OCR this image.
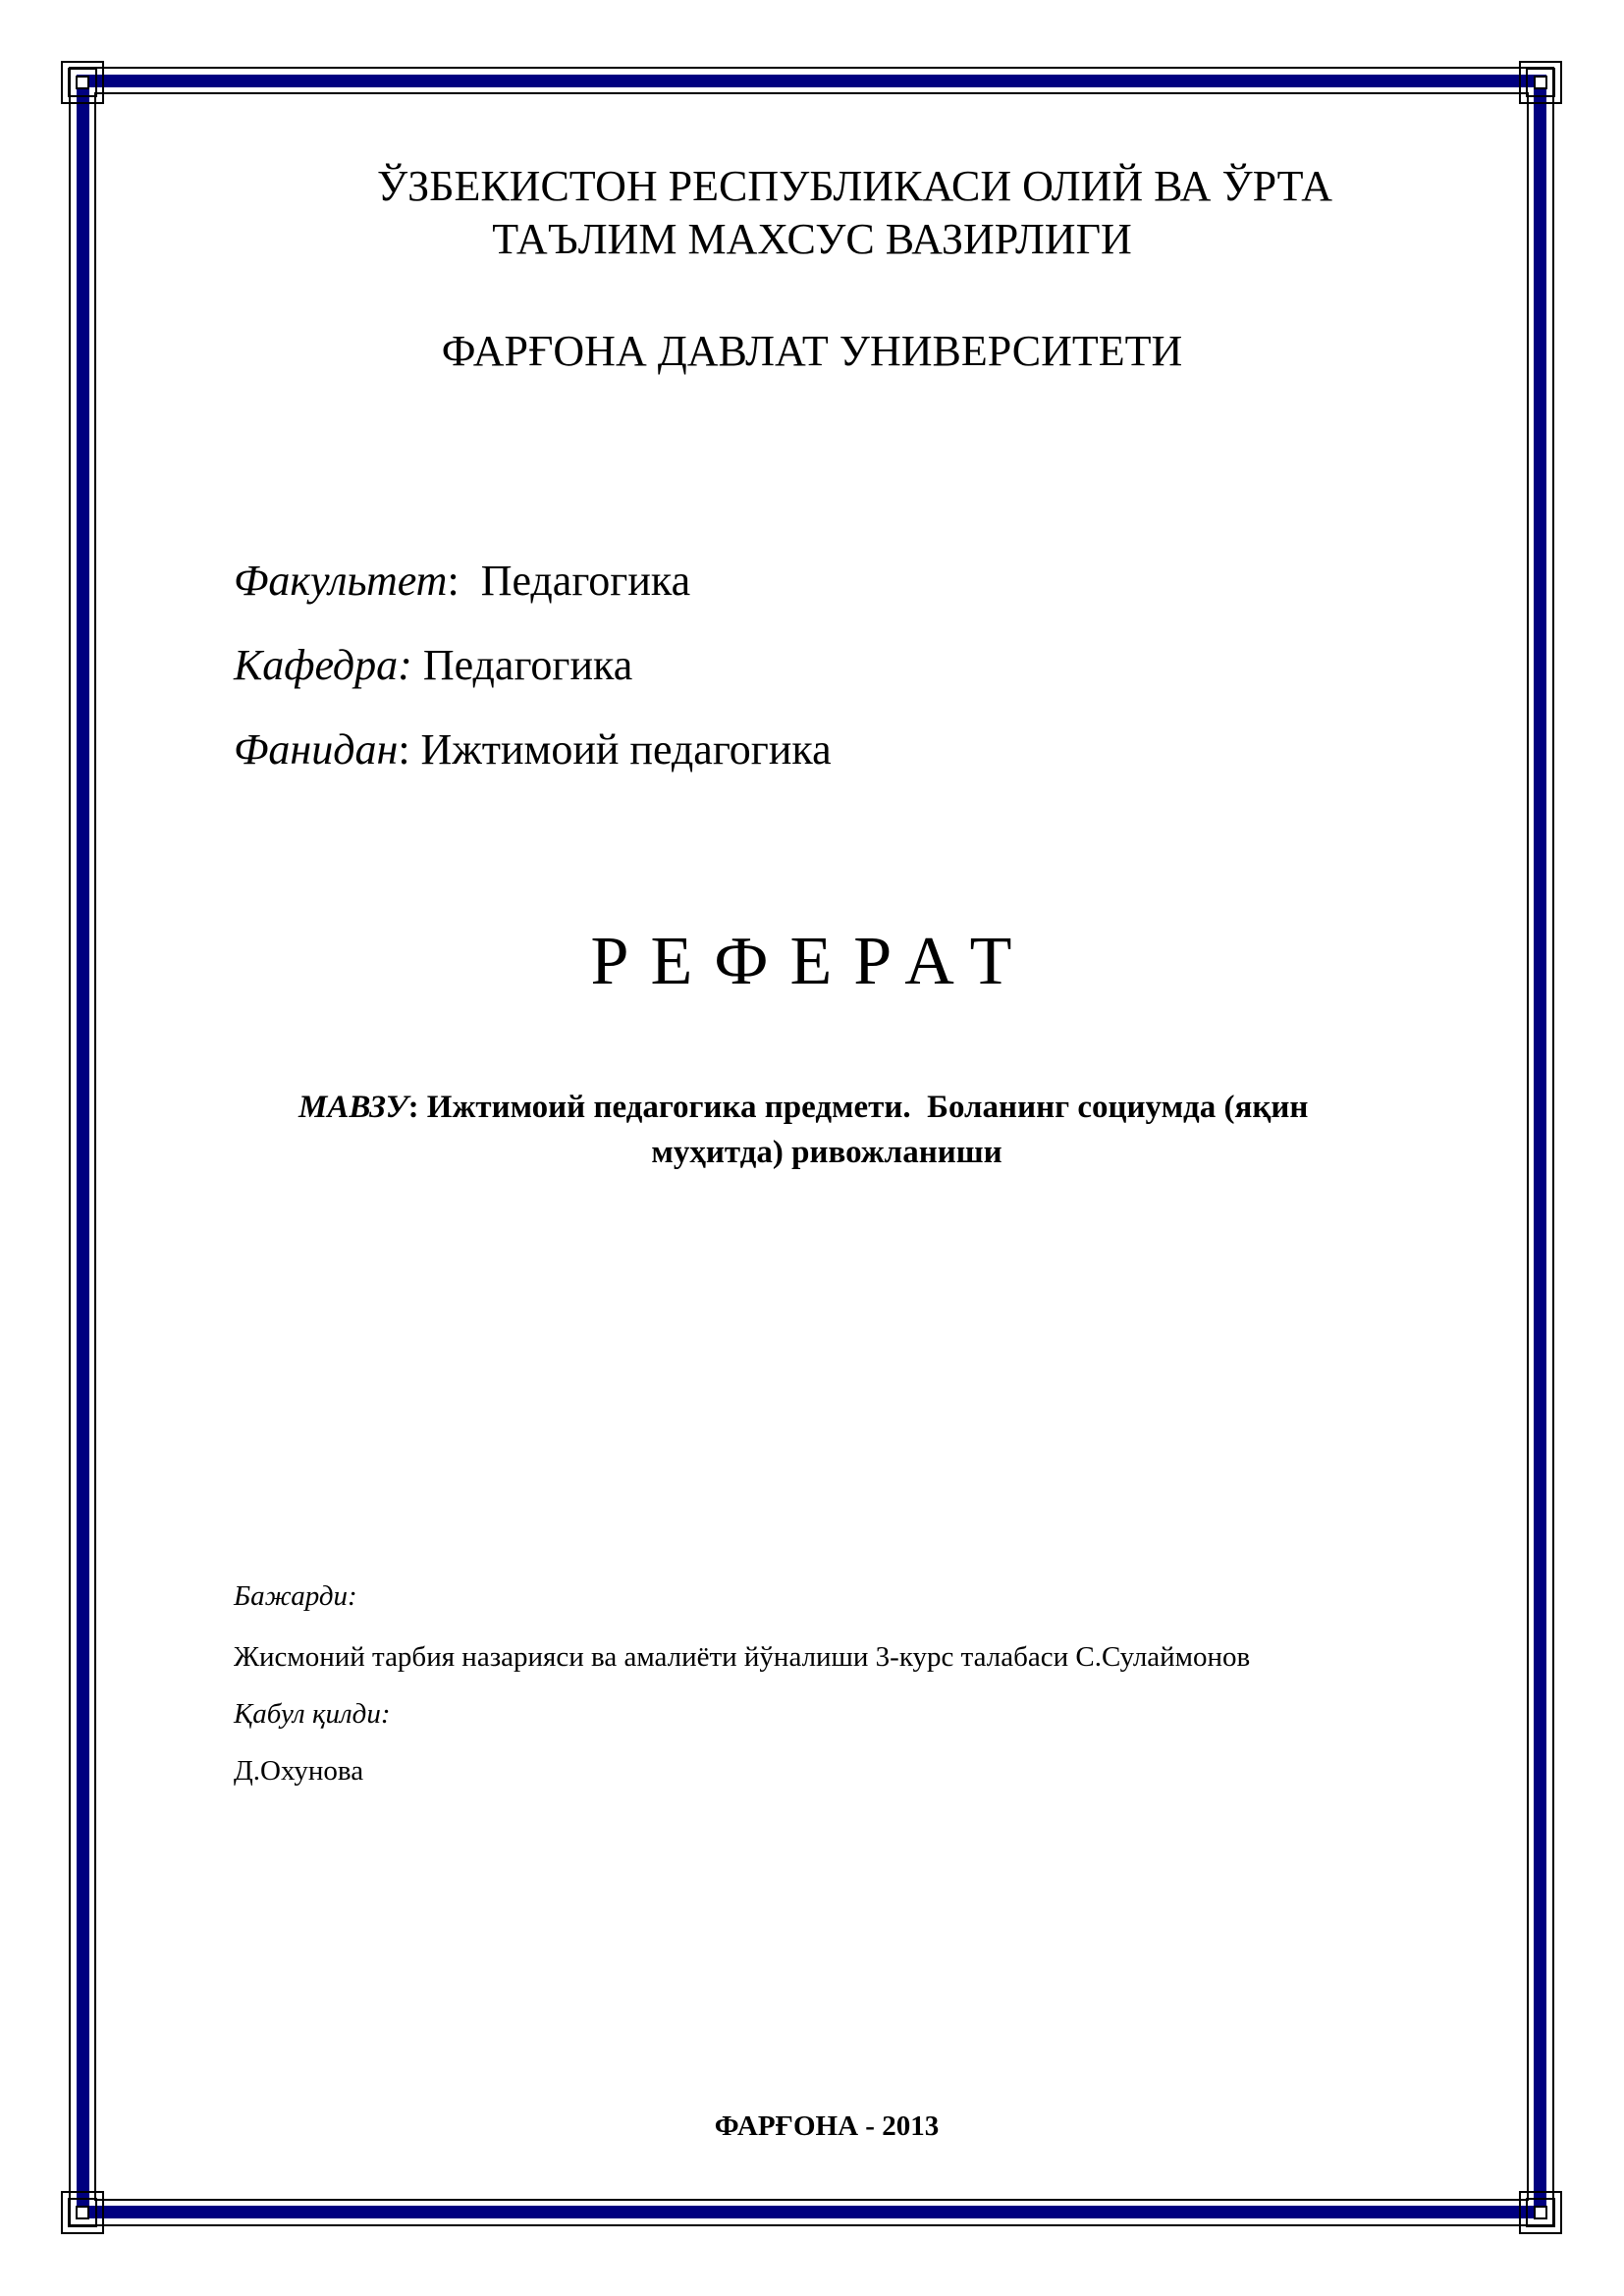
ЎЗБЕКИСТОН РЕСПУБЛИКАСИ ОЛИЙ ВА ЎРТА
ТАЪЛИМ МАХСУС ВАЗИРЛИГИ
ФАРҒОНА ДАВЛАТ УНИВЕРСИТЕТИ
Факультет:  Педагогика
Кафедра: Педагогика
Фанидан: Ижтимоий педагогика
РЕФЕРАТ
МАВЗУ: Ижтимоий педагогика предмети.  Боланинг социумда (яқин
муҳитда) ривожланиши
Бажарди:
Жисмоний тарбия назарияси ва амалиёти йўналиши 3-курс талабаси С.Сулаймонов
Қабул қилди:
Д.Охунова
ФАРҒОНА - 2013
